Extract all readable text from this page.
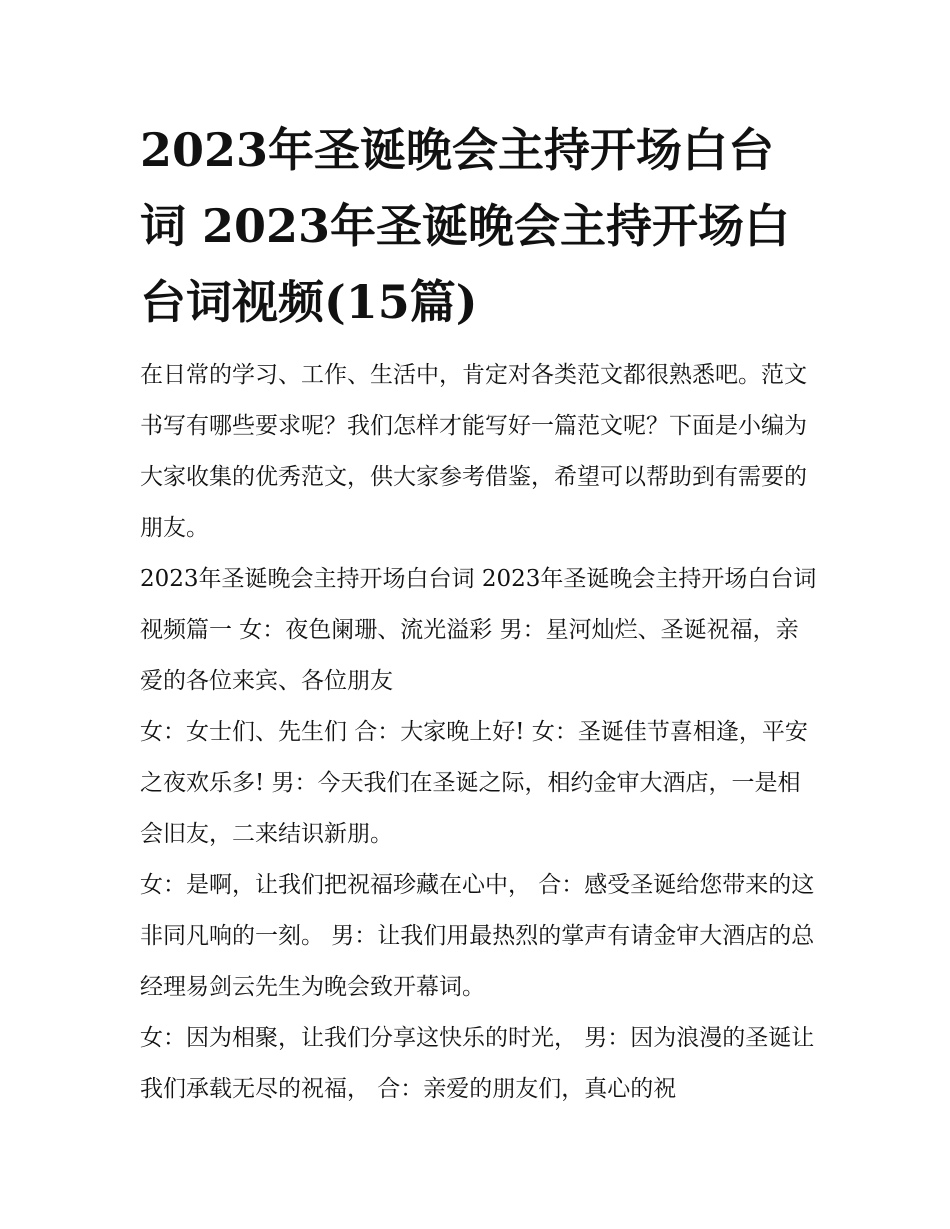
2023年圣诞晚会主持开场白台词 2023年圣诞晚会主持开场白台词视频(15篇)

在日常的学习、工作、生活中，肯定对各类范文都很熟悉吧。范文书写有哪些要求呢？我们怎样才能写好一篇范文呢？下面是小编为大家收集的优秀范文，供大家参考借鉴，希望可以帮助到有需要的朋友。

2023年圣诞晚会主持开场白台词 2023年圣诞晚会主持开场白台词视频篇一 女：夜色阑珊、流光溢彩 男：星河灿烂、圣诞祝福，亲爱的各位来宾、各位朋友

女：女士们、先生们 合：大家晚上好! 女：圣诞佳节喜相逢，平安之夜欢乐多! 男：今天我们在圣诞之际，相约金审大酒店，一是相会旧友，二来结识新朋。

女：是啊，让我们把祝福珍藏在心中， 合：感受圣诞给您带来的这非同凡响的一刻。 男：让我们用最热烈的掌声有请金审大酒店的总经理易剑云先生为晚会致开幕词。

女：因为相聚，让我们分享这快乐的时光， 男：因为浪漫的圣诞让我们承载无尽的祝福， 合：亲爱的朋友们，真心的祝
